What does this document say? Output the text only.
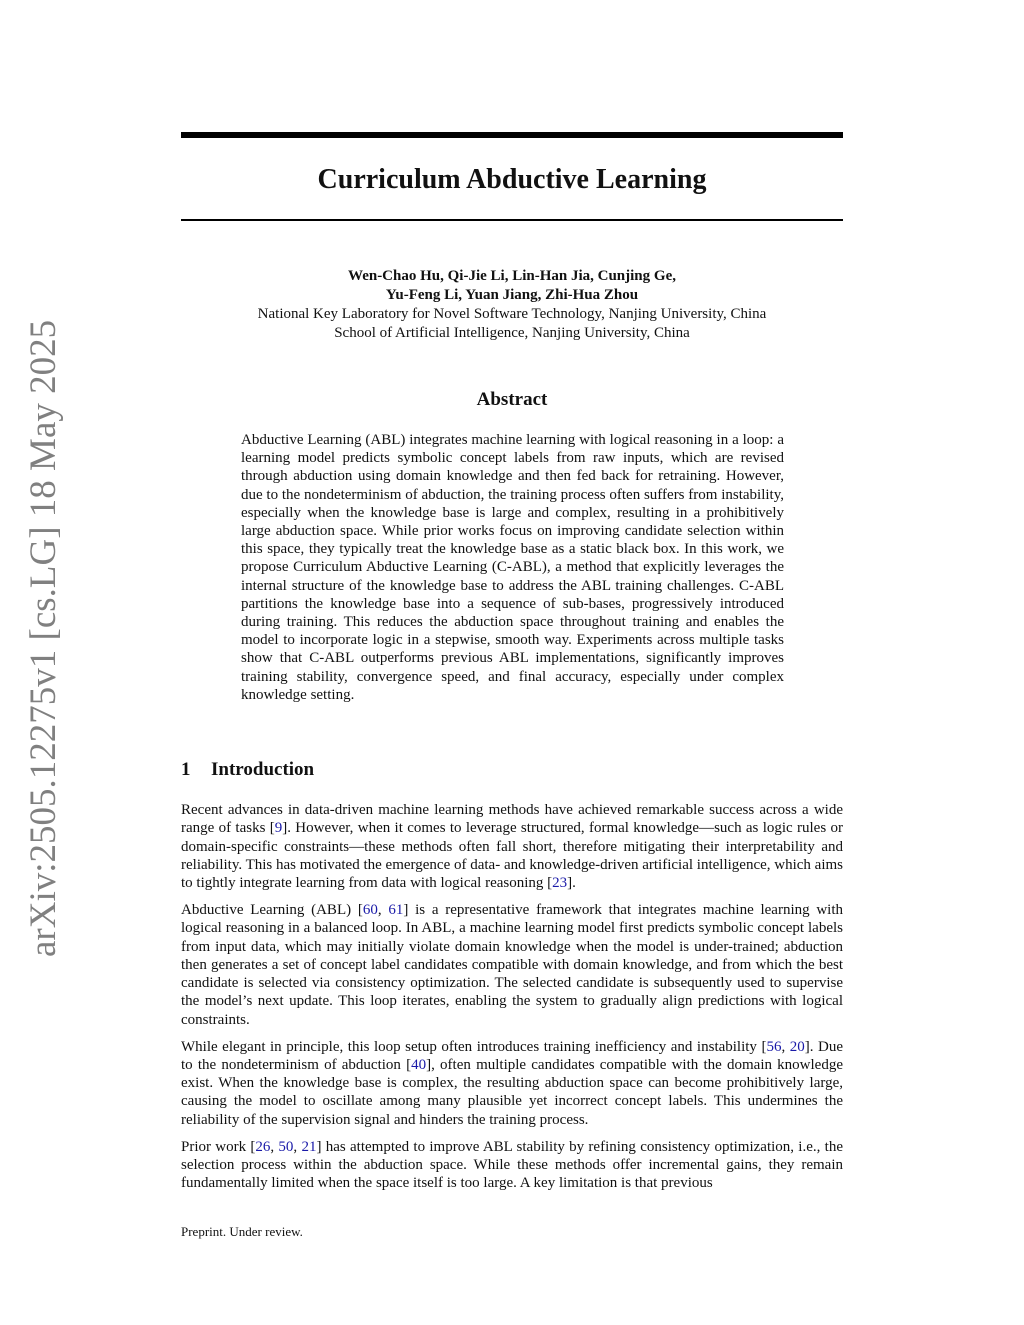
Curriculum Abductive Learning
Wen-Chao Hu, Qi-Jie Li, Lin-Han Jia, Cunjing Ge,
Yu-Feng Li, Yuan Jiang, Zhi-Hua Zhou
National Key Laboratory for Novel Software Technology, Nanjing University, China
School of Artificial Intelligence, Nanjing University, China
arXiv:2505.12275v1 [cs.LG] 18 May 2025	Abstract

Abductive Learning (ABL) integrates machine learning with logical reasoning in a loop: a learning model predicts symbolic concept labels from raw inputs, which are revised through abduction using domain knowledge and then fed back for retraining. However, due to the nondeterminism of abduction, the training process often suffers from instability, especially when the knowledge base is large and complex, resulting in a prohibitively large abduction space. While prior works focus on improving candidate selection within this space, they typically treat the knowledge base as a static black box. In this work, we propose Curriculum Abductive Learning (C-ABL), a method that explicitly leverages the internal structure of the knowledge base to address the ABL training challenges. C-ABL partitions the knowledge base into a sequence of sub-bases, progressively introduced during training. This reduces the abduction space throughout training and enables the model to incorporate logic in a stepwise, smooth way. Experiments across multiple tasks show that C-ABL outperforms previous ABL implementations, significantly improves training stability, convergence speed, and final accuracy, especially under complex knowledge setting.

1 Introduction

Recent advances in data-driven machine learning methods have achieved remarkable success across a wide range of tasks [9]. However, when it comes to leverage structured, formal knowledge—such as logic rules or domain-specific constraints—these methods often fall short, therefore mitigating their interpretability and reliability. This has motivated the emergence of data- and knowledge-driven artificial intelligence, which aims to tightly integrate learning from data with logical reasoning [23].

Abductive Learning (ABL) [60, 61] is a representative framework that integrates machine learning with logical reasoning in a balanced loop. In ABL, a machine learning model first predicts symbolic concept labels from input data, which may initially violate domain knowledge when the model is under-trained; abduction then generates a set of concept label candidates compatible with domain knowledge, and from which the best candidate is selected via consistency optimization. The selected candidate is subsequently used to supervise the model’s next update. This loop iterates, enabling the system to gradually align predictions with logical constraints.

While elegant in principle, this loop setup often introduces training inefficiency and instability [56, 20]. Due to the nondeterminism of abduction [40], often multiple candidates compatible with the domain knowledge exist. When the knowledge base is complex, the resulting abduction space can become prohibitively large, causing the model to oscillate among many plausible yet incorrect concept labels. This undermines the reliability of the supervision signal and hinders the training process.

Prior work [26, 50, 21] has attempted to improve ABL stability by refining consistency optimization, i.e., the selection process within the abduction space. While these methods offer incremental gains, they remain fundamentally limited when the space itself is too large. A key limitation is that previous

Preprint. Under review.
